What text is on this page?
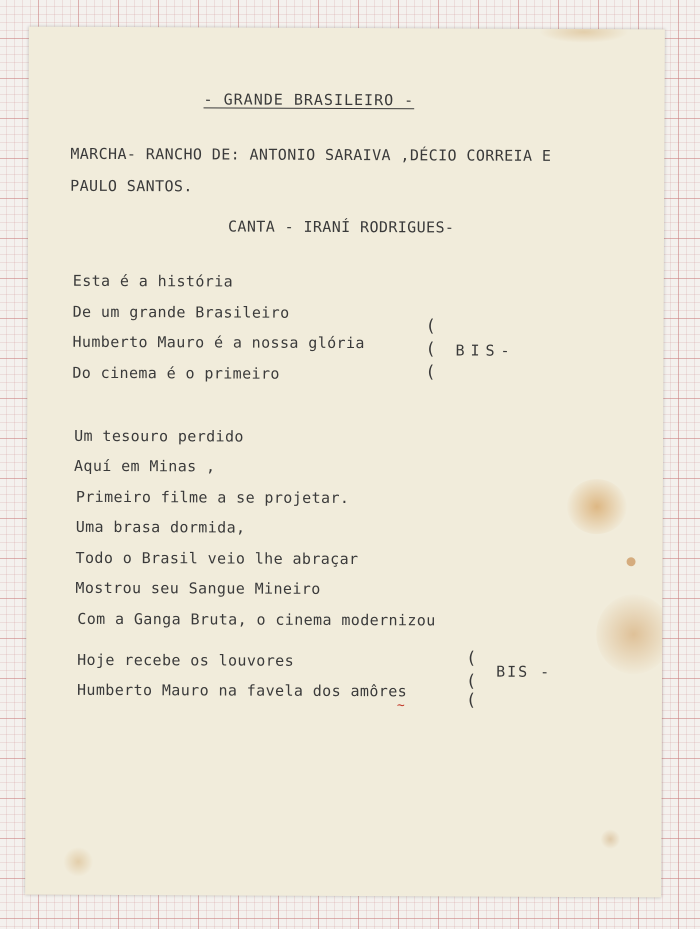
- GRANDE BRASILEIRO -
MARCHA- RANCHO DE: ANTONIO SARAIVA ,DÉCIO CORREIA E
PAULO SANTOS.
CANTA - IRANÍ RODRIGUES-
Esta é a história
De um grande Brasileiro
Humberto Mauro é a nossa glória
Do cinema é o primeiro
(
(
(
BIS-
Um tesouro perdido
Aquí em Minas ,
Primeiro filme a se projetar.
Uma brasa dormida,
Todo o Brasil veio lhe abraçar
Mostrou seu Sangue Mineiro
Com a Ganga Bruta, o cinema modernizou
Hoje recebe os louvores
Humberto Mauro na favela dos amôres
~
(
(
(
BIS -
